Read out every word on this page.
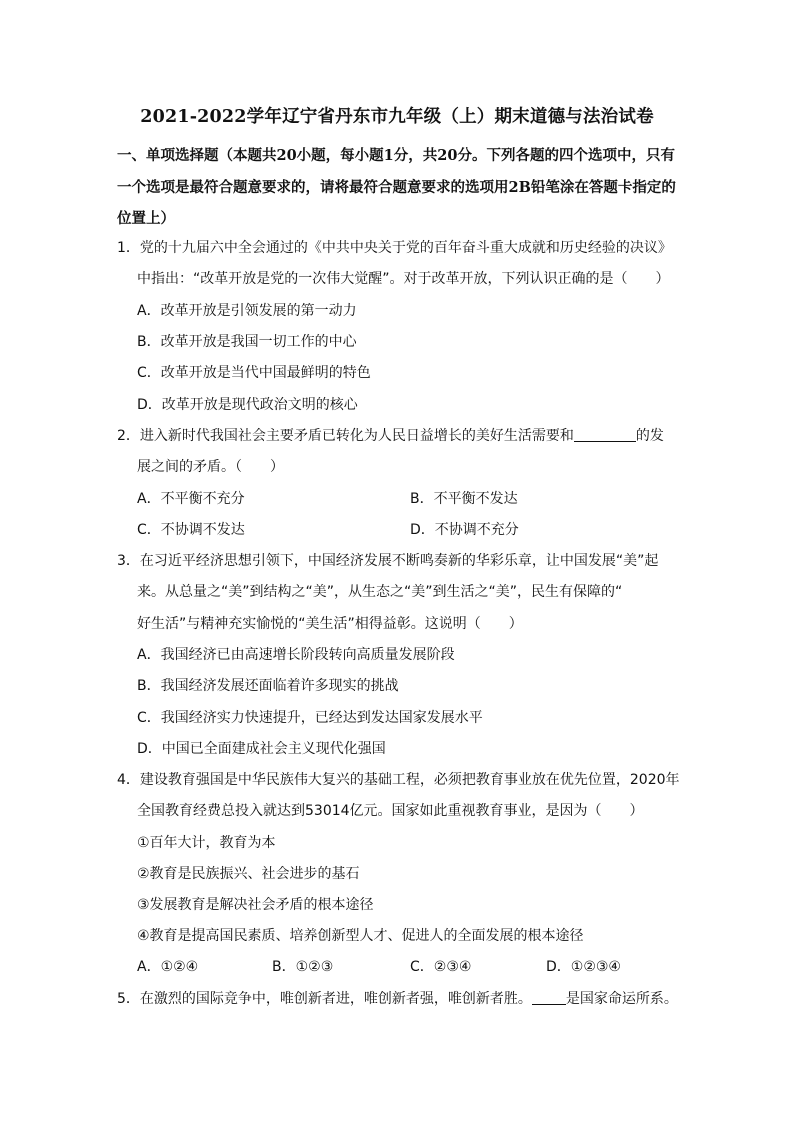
2021-2022学年辽宁省丹东市九年级（上）期末道德与法治试卷
一、单项选择题（本题共20小题，每小题1分，共20分。下列各题的四个选项中，只有一个选项是最符合题意要求的，请将最符合题意要求的选项用2B铅笔涂在答题卡指定的位置上）
1．党的十九届六中全会通过的《中共中央关于党的百年奋斗重大成就和历史经验的决议》
中指出：“改革开放是党的一次伟大觉醒”。对于改革开放，下列认识正确的是（　　）
A．改革开放是引领发展的第一动力
B．改革开放是我国一切工作的中心
C．改革开放是当代中国最鲜明的特色
D．改革开放是现代政治文明的核心
2．进入新时代我国社会主要矛盾已转化为人民日益增长的美好生活需要和	的发
展之间的矛盾。（　　）
A．不平衡不充分	B．不平衡不发达
C．不协调不发达	D．不协调不充分
3．在习近平经济思想引领下，中国经济发展不断鸣奏新的华彩乐章，让中国发展“美”起
来。从总量之“美”到结构之“美”，从生态之“美”到生活之“美”，民生有保障的“
好生活”与精神充实愉悦的“美生活”相得益彰。这说明（　　）
A．我国经济已由高速增长阶段转向高质量发展阶段
B．我国经济发展还面临着许多现实的挑战
C．我国经济实力快速提升，已经达到发达国家发展水平
D．中国已全面建成社会主义现代化强国
4．建设教育强国是中华民族伟大复兴的基础工程，必须把教育事业放在优先位置，2020年
全国教育经费总投入就达到53014亿元。国家如此重视教育事业，是因为（　　）
①百年大计，教育为本
②教育是民族振兴、社会进步的基石
③发展教育是解决社会矛盾的根本途径
④教育是提高国民素质、培养创新型人才、促进人的全面发展的根本途径
A．①②④	B．①②③	C．②③④	D．①②③④
5．在激烈的国际竞争中，唯创新者进，唯创新者强，唯创新者胜。 是国家命运所系。
